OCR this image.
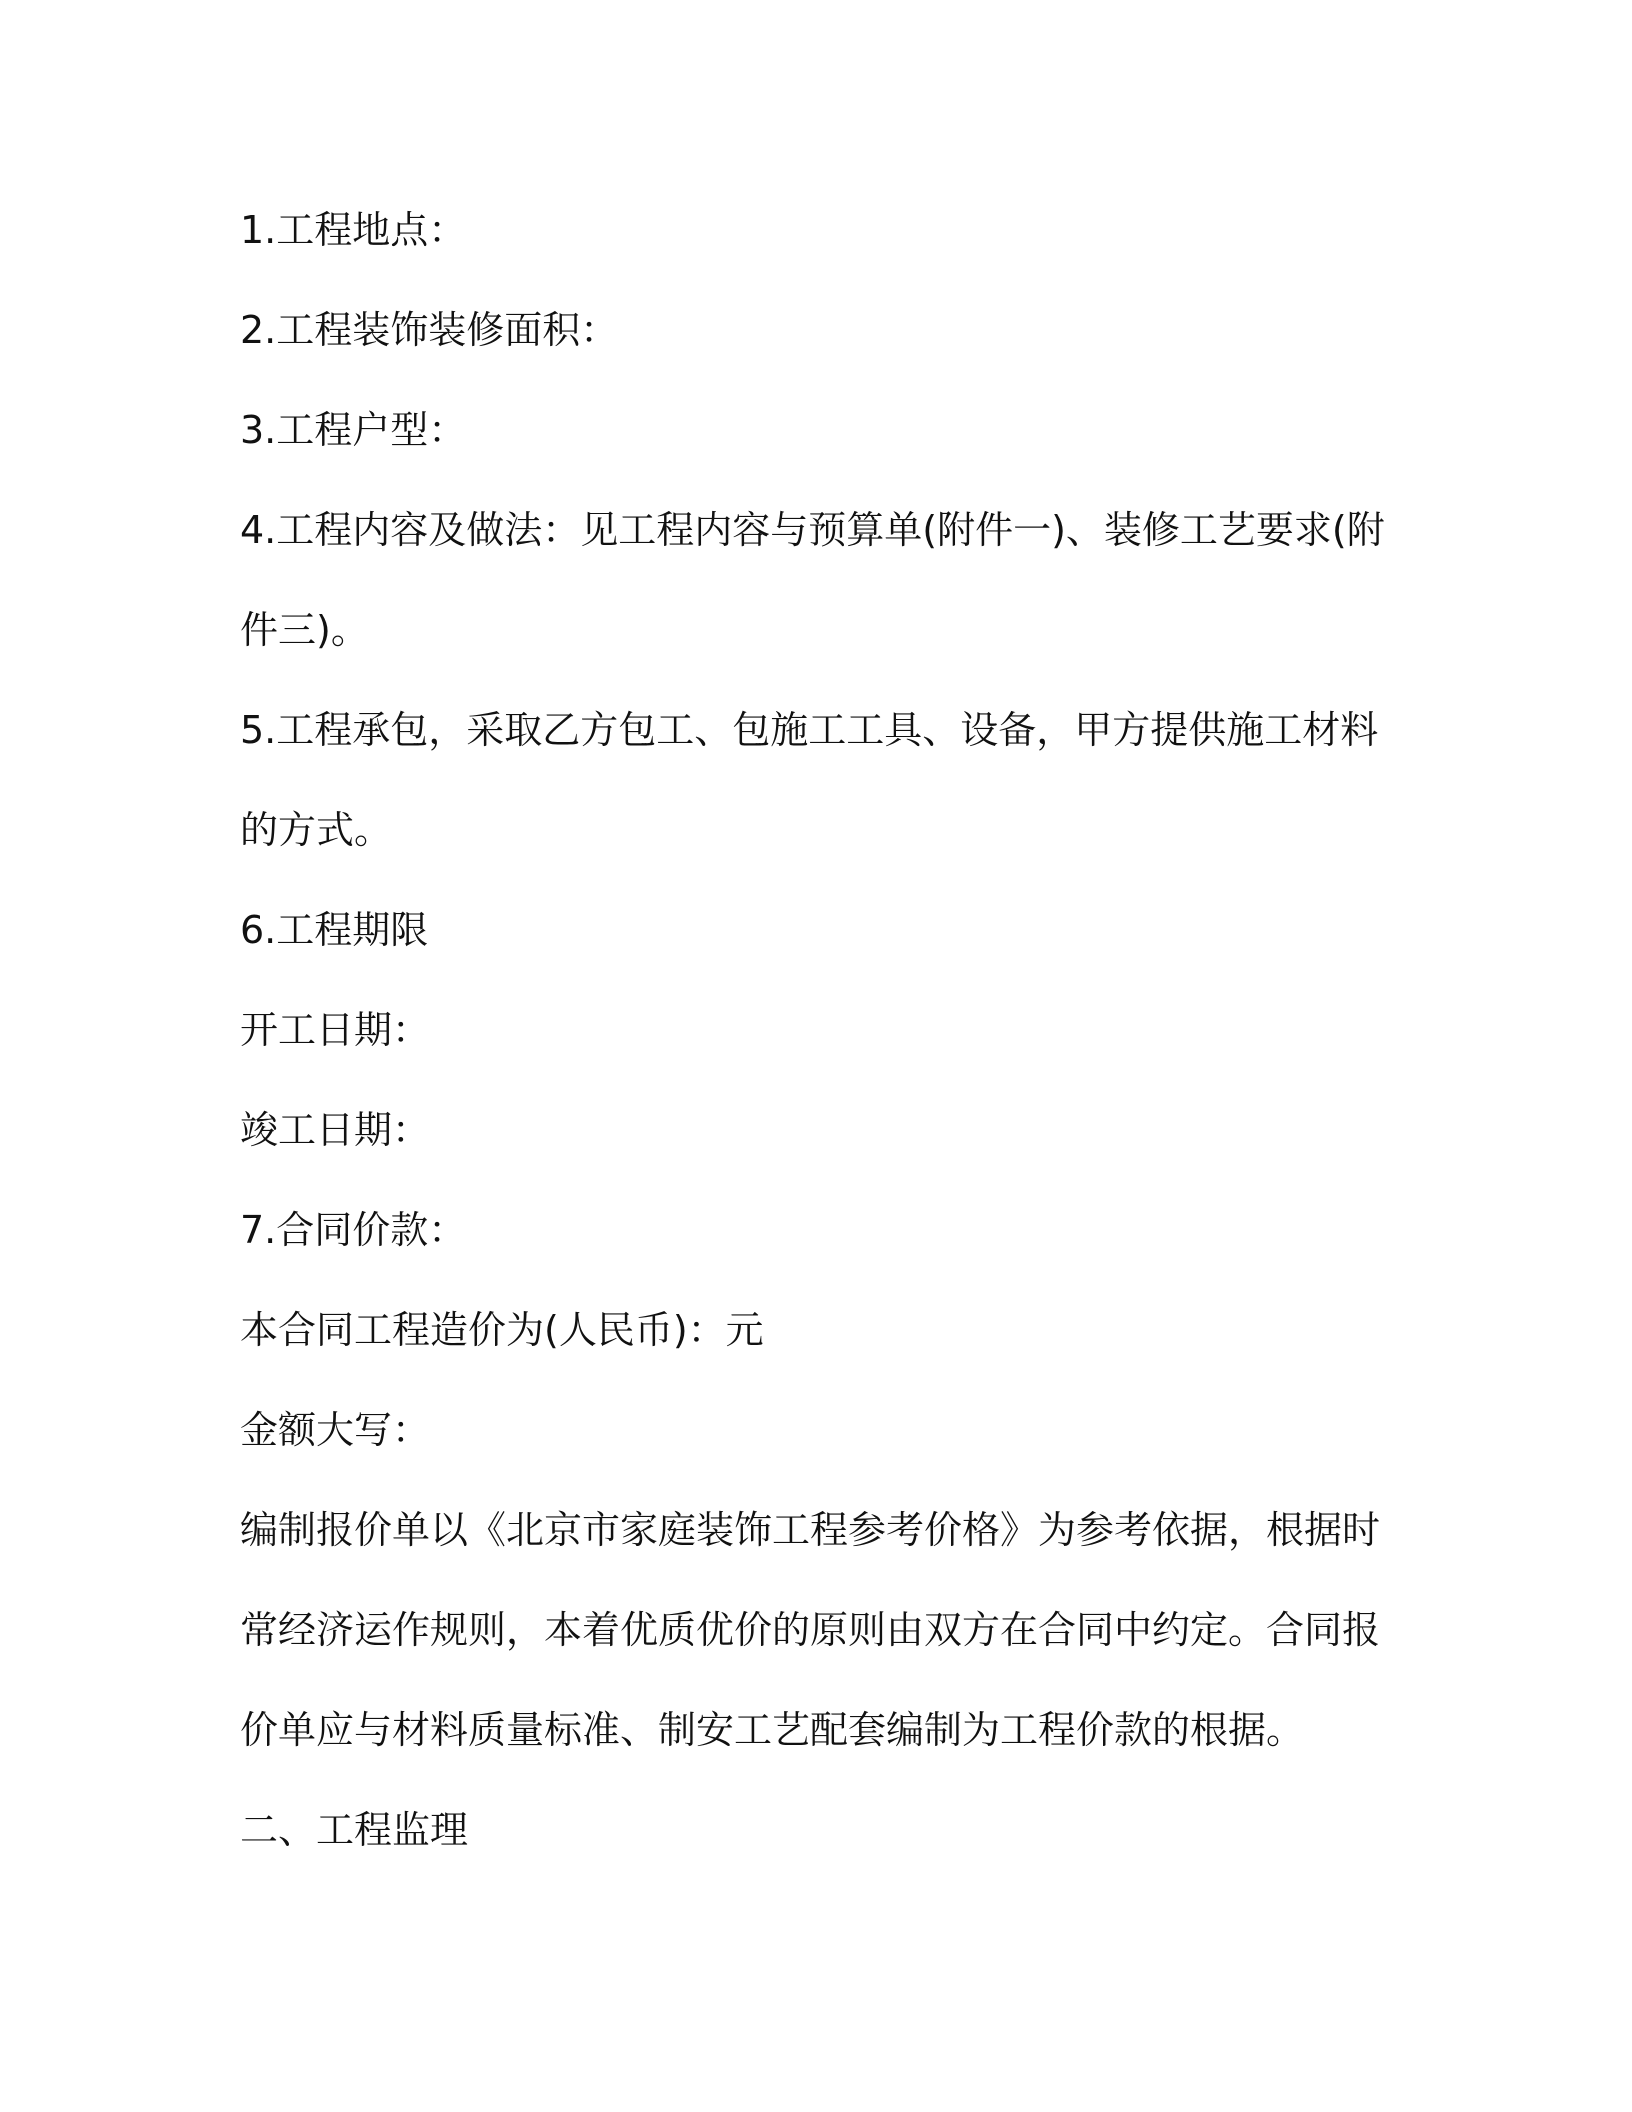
1.工程地点：

2.工程装饰装修面积：

3.工程户型：

4.工程内容及做法：见工程内容与预算单(附件一)、装修工艺要求(附

件三)。

5.工程承包，采取乙方包工、包施工工具、设备，甲方提供施工材料

的方式。

6.工程期限

开工日期：

竣工日期：

7.合同价款：

本合同工程造价为(人民币)：元

金额大写：

编制报价单以《北京市家庭装饰工程参考价格》为参考依据，根据时

常经济运作规则，本着优质优价的原则由双方在合同中约定。合同报

价单应与材料质量标准、制安工艺配套编制为工程价款的根据。

二、工程监理
